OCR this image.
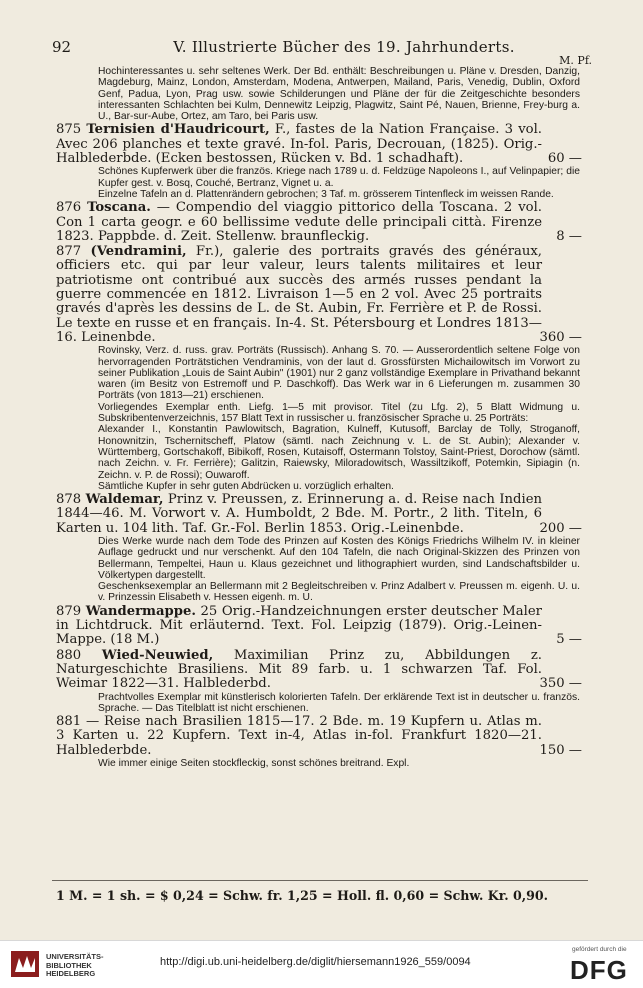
92	V. Illustrierte Bücher des 19. Jahrhunderts.
M. Pf.

Hochinteressantes u. sehr seltenes Werk. Der Bd. enthält: Beschreibungen u. Pläne v. Dresden, Danzig, Magdeburg, Mainz, London, Amsterdam, Modena, Antwerpen, Mailand, Paris, Venedig, Dublin, Oxford Genf, Padua, Lyon, Prag usw. sowie Schilderungen und Pläne der für die Zeitgeschichte besonders interessanten Schlachten bei Kulm, Dennewitz Leipzig, Plagwitz, Saint Pé, Nauen, Brienne, Frey-burg a. U., Bar-sur-Aube, Ortez, am Taro, bei Paris usw.

875 Ternisien d'Haudricourt, F., fastes de la Nation Française. 3 vol. Avec 206 planches et texte gravé. In-fol. Paris, Decrouan, (1825). Orig.-Halblederbde. (Ecken bestossen, Rücken v. Bd. 1 schadhaft).	60 —

Schönes Kupferwerk über die französ. Kriege nach 1789 u. d. Feldzüge Napoleons I., auf Velinpapier; die Kupfer gest. v. Bosq, Couché, Bertranz, Vignet u. a.

Einzelne Tafeln an d. Plattenrändern gebrochen; 3 Taf. m. grösserem Tintenfleck im weissen Rande.

876 Toscana. — Compendio del viaggio pittorico della Toscana. 2 vol. Con 1 carta geogr. e 60 bellissime vedute delle principali città. Firenze 1823. Pappbde. d. Zeit. Stellenw. braunfleckig.	8 —

877 (Vendramini, Fr.), galerie des portraits gravés des généraux, officiers etc. qui par leur valeur, leurs talents militaires et leur patriotisme ont contribué aux succès des armés russes pendant la guerre commencée en 1812. Livraison 1—5 en 2 vol. Avec 25 portraits gravés d'après les dessins de L. de St. Aubin, Fr. Ferrière et P. de Rossi. Le texte en russe et en français. In-4. St. Pétersbourg et Londres 1813—16. Leinenbde.	360 —

Rovinsky, Verz. d. russ. grav. Porträts (Russisch). Anhang S. 70. — Ausserordentlich seltene Folge von hervorragenden Porträtstichen Vendraminis, von der laut d. Grossfürsten Michailowitsch im Vorwort zu seiner Publikation „Louis de Saint Aubin" (1901) nur 2 ganz vollständige Exemplare in Privathand bekannt waren (im Besitz von Estremoff und P. Daschkoff). Das Werk war in 6 Lieferungen m. zusammen 30 Porträts (von 1813—21) erschienen.

Vorliegendes Exemplar enth. Liefg. 1—5 mit provisor. Titel (zu Lfg. 2), 5 Blatt Widmung u. Subskribentenverzeichnis, 157 Blatt Text in russischer u. französischer Sprache u. 25 Porträts:

Alexander I., Konstantin Pawlowitsch, Bagration, Kulneff, Kutusoff, Barclay de Tolly, Stroganoff, Honownitzin, Tschernitscheff, Platow (sämtl. nach Zeichnung v. L. de St. Aubin); Alexander v. Württemberg, Gortschakoff, Bibikoff, Rosen, Kutaisoff, Ostermann Tolstoy, Saint-Priest, Dorochow (sämtl. nach Zeichn. v. Fr. Ferrière); Galitzin, Raiewsky, Miloradowitsch, Wassiltzikoff, Potemkin, Sipiagin (n. Zeichn. v. P. de Rossi); Ouwaroff.

Sämtliche Kupfer in sehr guten Abdrücken u. vorzüglich erhalten.

878 Waldemar, Prinz v. Preussen, z. Erinnerung a. d. Reise nach Indien 1844—46. M. Vorwort v. A. Humboldt, 2 Bde. M. Portr., 2 lith. Titeln, 6 Karten u. 104 lith. Taf. Gr.-Fol. Berlin 1853. Orig.-Leinenbde.	200 —

Dies Werke wurde nach dem Tode des Prinzen auf Kosten des Königs Friedrichs Wilhelm IV. in kleiner Auflage gedruckt und nur verschenkt. Auf den 104 Tafeln, die nach Original-Skizzen des Prinzen von Bellermann, Tempeltei, Haun u. Klaus gezeichnet und lithographiert wurden, sind Landschaftsbilder u. Völkertypen dargestellt.

Geschenksexemplar an Bellermann mit 2 Begleitschreiben v. Prinz Adalbert v. Preussen m. eigenh. U. u. v. Prinzessin Elisabeth v. Hessen eigenh. m. U.

879 Wandermappe. 25 Orig.-Handzeichnungen erster deutscher Maler in Lichtdruck. Mit erläuternd. Text. Fol. Leipzig (1879). Orig.-Leinen-Mappe. (18 M.)	5 —

880 Wied-Neuwied, Maximilian Prinz zu, Abbildungen z. Naturgeschichte Brasiliens. Mit 89 farb. u. 1 schwarzen Taf. Fol. Weimar 1822—31. Halblederbd.	350 —

Prachtvolles Exemplar mit künstlerisch kolorierten Tafeln. Der erklärende Text ist in deutscher u. französ. Sprache. — Das Titelblatt ist nicht erschienen.

881 — Reise nach Brasilien 1815—17. 2 Bde. m. 19 Kupfern u. Atlas m. 3 Karten u. 22 Kupfern. Text in-4, Atlas in-fol. Frankfurt 1820—21. Halblederbde.	150 —

Wie immer einige Seiten stockfleckig, sonst schönes breitrand. Expl.

1 M. = 1 sh. = $ 0,24 = Schw. fr. 1,25 = Holl. fl. 0,60 = Schw. Kr. 0,90.
UNIVERSITÄTS-
BIBLIOTHEK
HEIDELBERG
http://digi.ub.uni-heidelberg.de/diglit/hiersemann1926_559/0094
gefördert durch die
DFG
